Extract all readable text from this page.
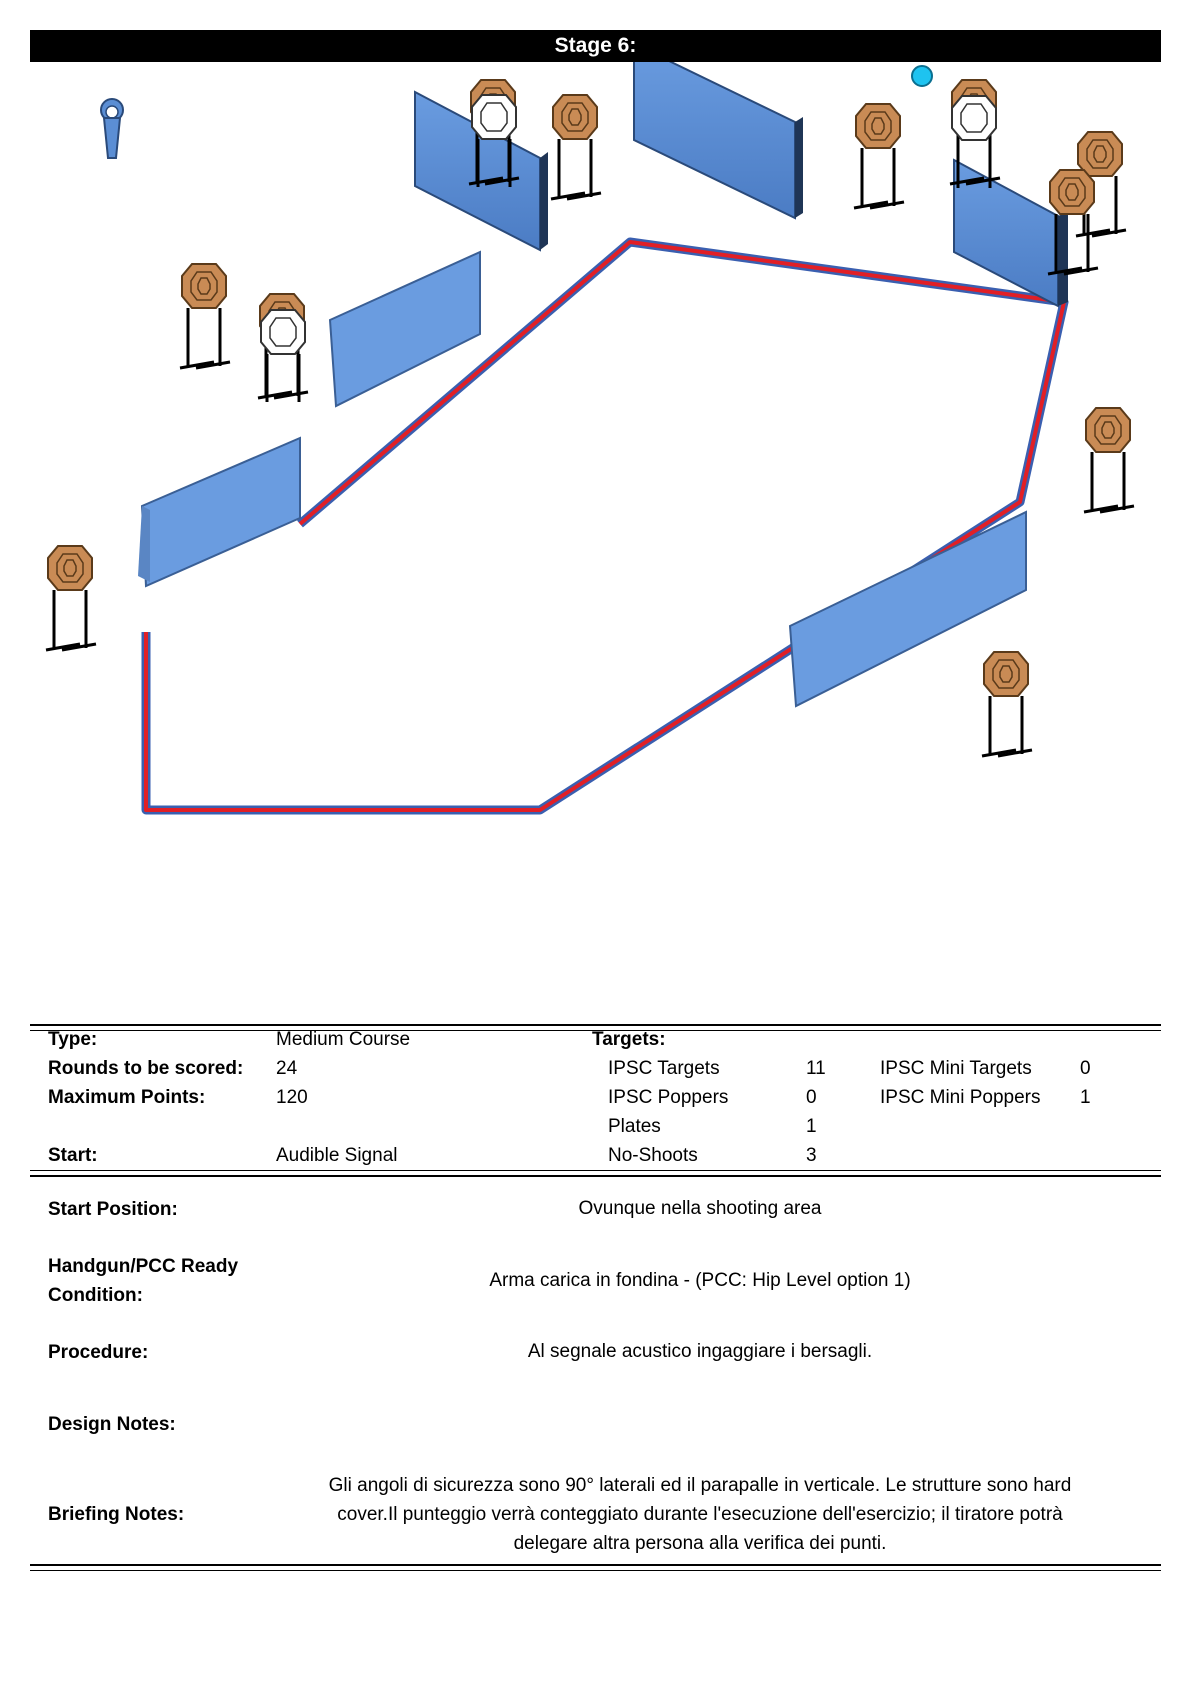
Stage 6:
Type:	Medium Course	Targets:
Rounds to be scored: 24	IPSC Targets	11	IPSC Mini Targets	0
Maximum Points:	120	IPSC Poppers	0	IPSC Mini Poppers 1
Plates	1
Start:	Audible Signal	No-Shoots	3
Start Position:	Ovunque nella shooting area
Handgun/PCC Ready
Condition:
Arma carica in fondina - (PCC: Hip Level option 1)
Procedure:	Al segnale acustico ingaggiare i bersagli.
Design Notes:
Briefing Notes:
Gli angoli di sicurezza sono 90° laterali ed il parapalle in verticale. Le strutture sono hard
cover.Il punteggio verrà conteggiato durante l'esecuzione dell'esercizio; il tiratore potrà
delegare altra persona alla verifica dei punti.
